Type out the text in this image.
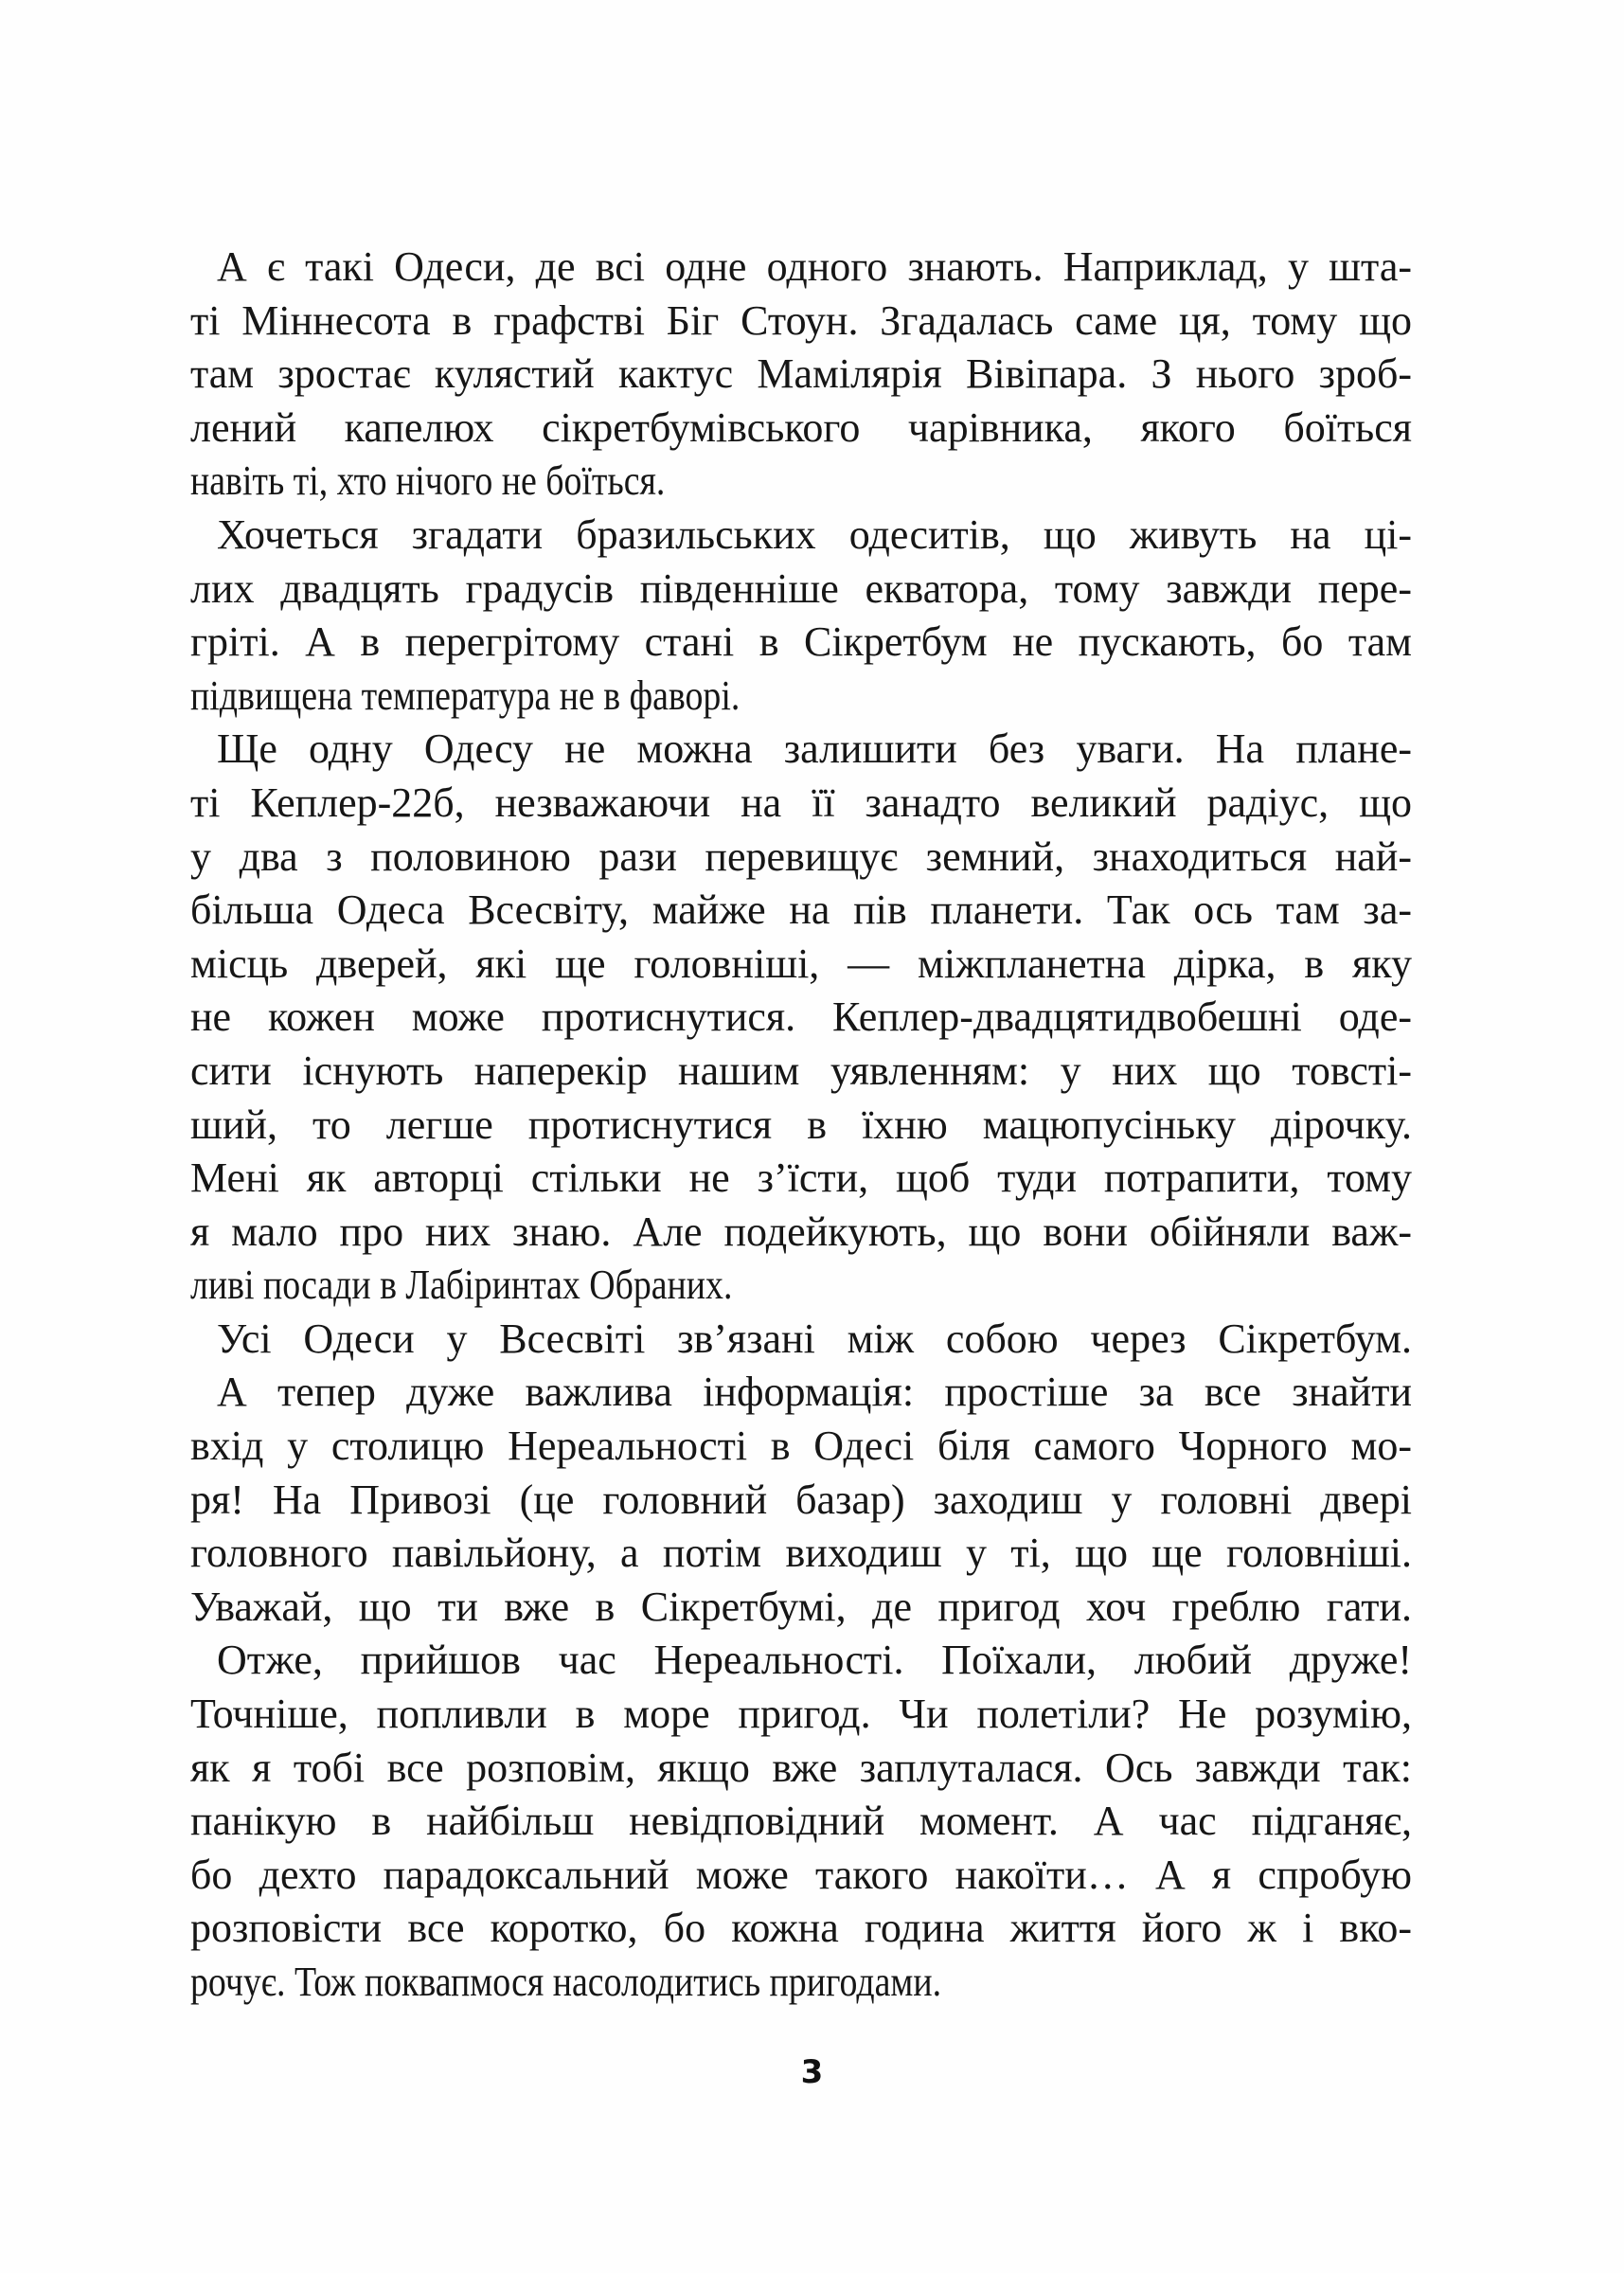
А є такі Одеси, де всі одне одного знають. Наприклад, у шта-
ті Міннесота в графстві Біг Стоун. Згадалась саме ця, тому що
там зростає кулястий кактус Мамілярія Вівіпара. З нього зроб-
лений капелюх сікретбумівського чарівника, якого боїться
навіть ті, хто нічого не боїться.
Хочеться згадати бразильських одеситів, що живуть на ці-
лих двадцять градусів південніше екватора, тому завжди пере-
гріті. А в перегрітому стані в Сікретбум не пускають, бо там
підвищена температура не в фаворі.
Ще одну Одесу не можна залишити без уваги. На плане-
ті Кеплер-22б, незважаючи на її занадто великий радіус, що
у два з половиною рази перевищує земний, знаходиться най-
більша Одеса Всесвіту, майже на пів планети. Так ось там за-
місць дверей, які ще головніші, — міжпланетна дірка, в яку
не кожен може протиснутися. Кеплер-двадцятидвобешні оде-
сити існують наперекір нашим уявленням: у них що товсті-
ший, то легше протиснутися в їхню мацюпусіньку дірочку.
Мені як авторці стільки не з’їсти, щоб туди потрапити, тому
я мало про них знаю. Але подейкують, що вони обійняли важ-
ливі посади в Лабіринтах Обраних.
Усі Одеси у Всесвіті зв’язані між собою через Сікретбум.
А тепер дуже важлива інформація: простіше за все знайти
вхід у столицю Нереальності в Одесі біля самого Чорного мо-
ря! На Привозі (це головний базар) заходиш у головні двері
головного павільйону, а потім виходиш у ті, що ще головніші.
Уважай, що ти вже в Сікретбумі, де пригод хоч греблю гати.
Отже, прийшов час Нереальності. Поїхали, любий друже!
Точніше, попливли в море пригод. Чи полетіли? Не розумію,
як я тобі все розповім, якщо вже заплуталася. Ось завжди так:
панікую в найбільш невідповідний момент. А час підганяє,
бо дехто парадоксальний може такого накоїти… А я спробую
розповісти все коротко, бо кожна година життя його ж і вко-
рочує. Тож поквапмося насолодитись пригодами.
3
